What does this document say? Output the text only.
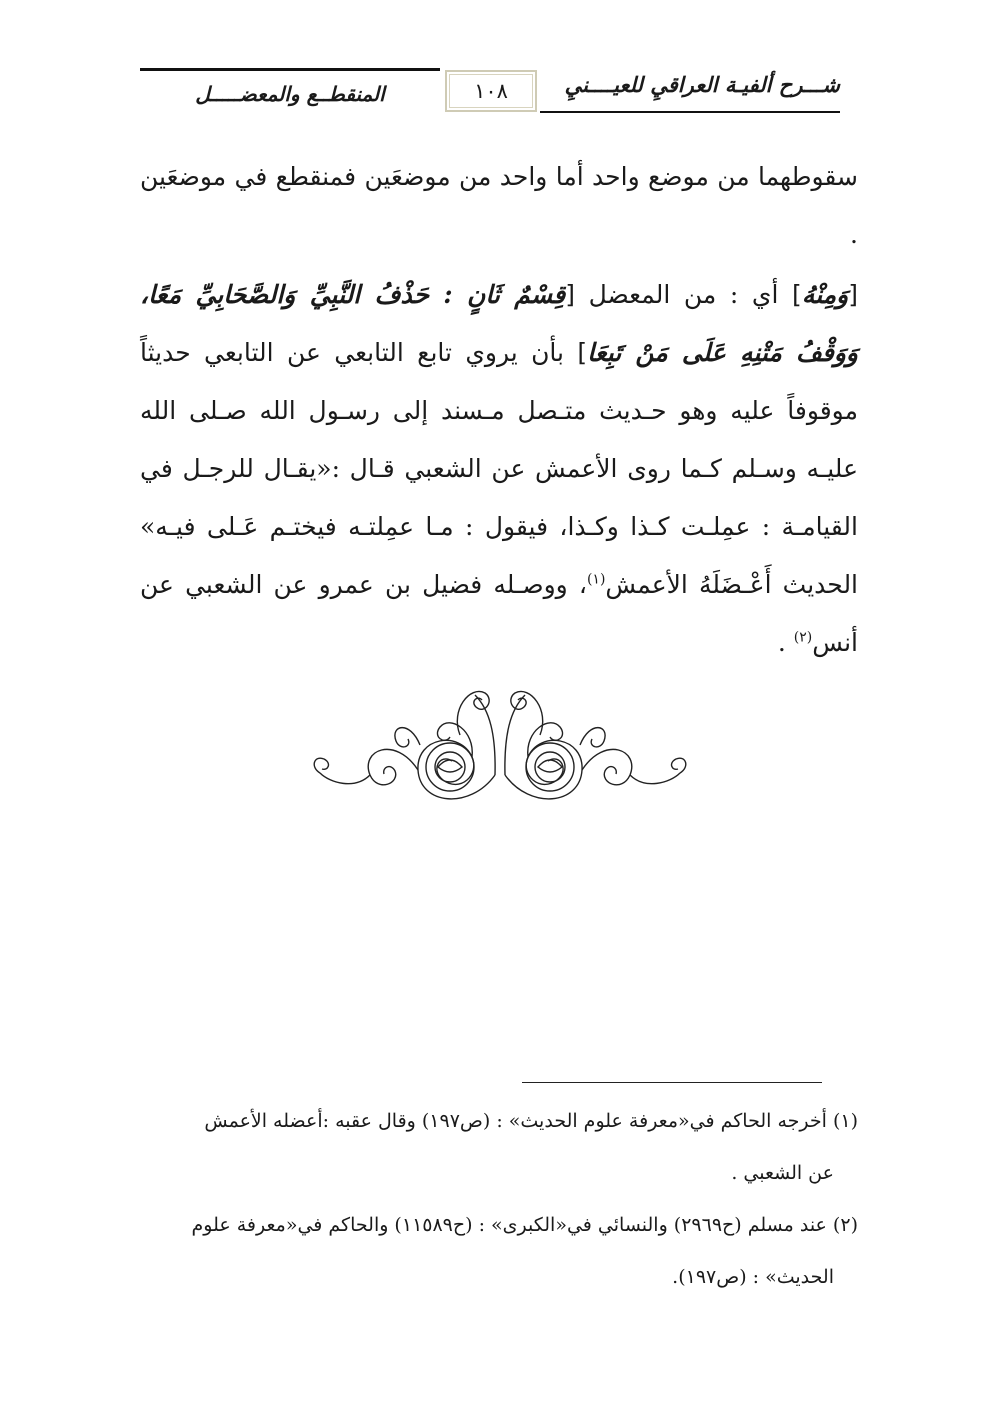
شـــرح ألفيـة العراقيِ للعيــــنيِ
١٠٨
المنقطــع والمعضـــــل

سقوطهما من موضع واحد أما واحد من موضعَين فمنقطع في موضعَين .

[وَمِنْهُ] أي : من المعضل [قِسْمٌ ثَانٍ : حَذْفُ النَّبِيِّ وَالصَّحَابِيِّ مَعًا، وَوَقْفُ مَتْنِهِ عَلَى مَنْ تَبِعَا] بأن يروي تابع التابعي عن التابعي حديثاً موقوفاً عليه وهو حـديث متـصل مـسند إلى رسـول الله صـلى الله عليـه وسـلم كـما روى الأعمش عن الشعبي قـال :«يقـال للرجـل في القيامـة : عمِلـت كـذا وكـذا، فيقول : مـا عمِلتـه فيختـم عَـلى فيـه» الحديث أَعْـضَلَهُ الأعمش$^{(١)}$، ووصـله فضيل بن عمرو عن الشعبي عن أنس$^{(٢)}$ .

(١) أخرجه الحاكم في«معرفة علوم الحديث» : (ص١٩٧) وقال عقبه :أعضله الأعمش

عن الشعبي .

(٢) عند مسلم (ح٢٩٦٩) والنسائي في«الكبرى» : (ح١١٥٨٩) والحاكم في«معرفة علوم

الحديث» : (ص١٩٧).
